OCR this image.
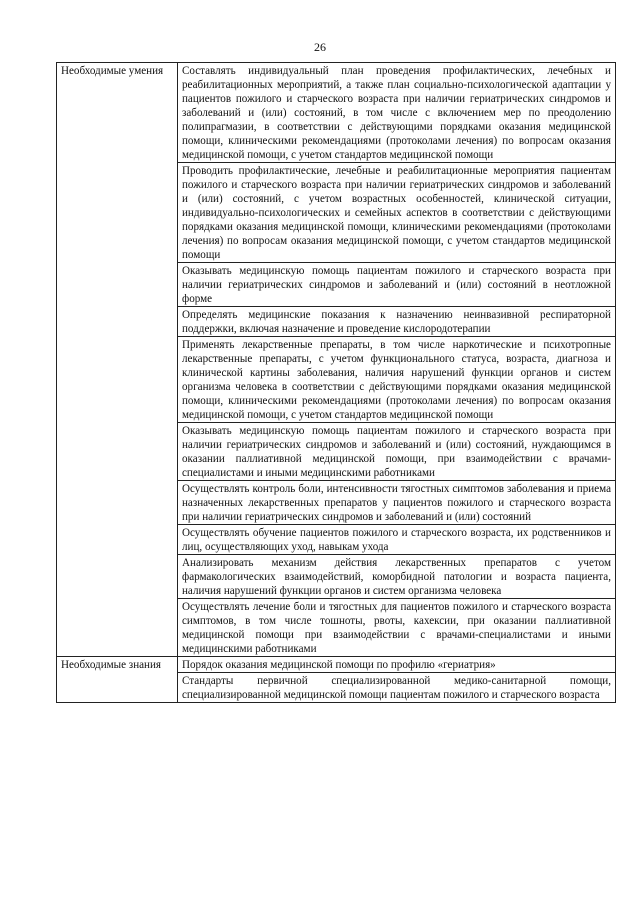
26
Необходимые умения	Составлять индивидуальный план проведения профилактических, лечебных и реабилитационных мероприятий, а также план социально-психологической адаптации у пациентов пожилого и старческого возраста при наличии гериатрических синдромов и заболеваний и (или) состояний, в том числе с включением мер по преодолению полипрагмазии, в соответствии с действующими порядками оказания медицинской помощи, клиническими рекомендациями (протоколами лечения) по вопросам оказания медицинской помощи, с учетом стандартов медицинской помощи
	Проводить профилактические, лечебные и реабилитационные мероприятия пациентам пожилого и старческого возраста при наличии гериатрических синдромов и заболеваний и (или) состояний, с учетом возрастных особенностей, клинической ситуации, индивидуально-психологических и семейных аспектов в соответствии с действующими порядками оказания медицинской помощи, клиническими рекомендациями (протоколами лечения) по вопросам оказания медицинской помощи, с учетом стандартов медицинской помощи
	Оказывать медицинскую помощь пациентам пожилого и старческого возраста при наличии гериатрических синдромов и заболеваний и (или) состояний в неотложной форме
	Определять медицинские показания к назначению неинвазивной респираторной поддержки, включая назначение и проведение кислородотерапии
	Применять лекарственные препараты, в том числе наркотические и психотропные лекарственные препараты, с учетом функционального статуса, возраста, диагноза и клинической картины заболевания, наличия нарушений функции органов и систем организма человека в соответствии с действующими порядками оказания медицинской помощи, клиническими рекомендациями (протоколами лечения) по вопросам оказания медицинской помощи, с учетом стандартов медицинской помощи
	Оказывать медицинскую помощь пациентам пожилого и старческого возраста при наличии гериатрических синдромов и заболеваний и (или) состояний, нуждающимся в оказании паллиативной медицинской помощи, при взаимодействии с врачами-специалистами и иными медицинскими работниками
	Осуществлять контроль боли, интенсивности тягостных симптомов заболевания и приема назначенных лекарственных препаратов у пациентов пожилого и старческого возраста при наличии гериатрических синдромов и заболеваний и (или) состояний
	Осуществлять обучение пациентов пожилого и старческого возраста, их родственников и лиц, осуществляющих уход, навыкам ухода
	Анализировать механизм действия лекарственных препаратов с учетом фармакологических взаимодействий, коморбидной патологии и возраста пациента, наличия нарушений функции органов и систем организма человека
	Осуществлять лечение боли и тягостных для пациентов пожилого и старческого возраста симптомов, в том числе тошноты, рвоты, кахексии, при оказании паллиативной медицинской помощи при взаимодействии с врачами-специалистами и иными медицинскими работниками
Необходимые знания	Порядок оказания медицинской помощи по профилю «гериатрия»
	Стандарты первичной специализированной медико-санитарной помощи, специализированной медицинской помощи пациентам пожилого и старческого возраста
